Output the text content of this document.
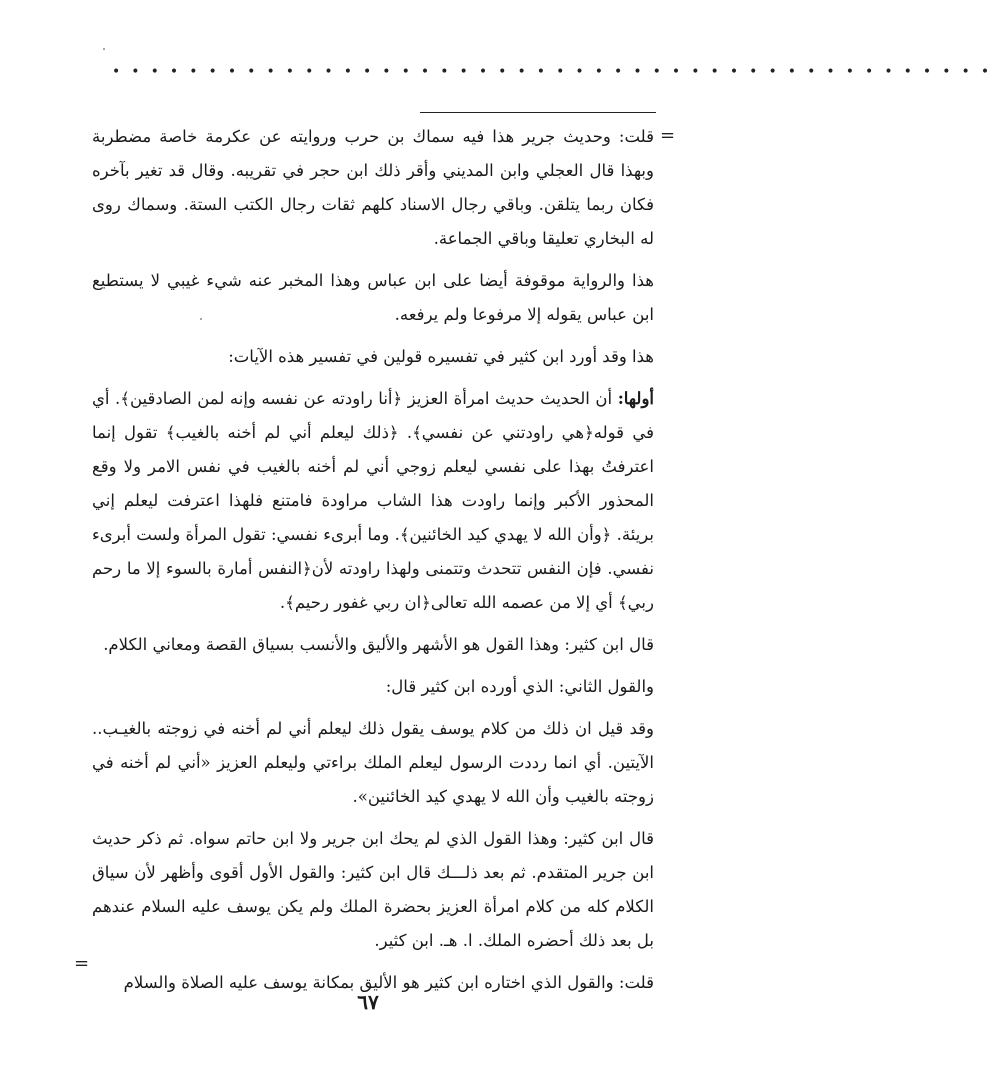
• • • • • • • • • • • • • • • • • • • • • • • • • • • • • • • • • • • • • • • • • • • • • •
=

قلت: وحديث جرير هذا فيه سماك بن حرب وروايته عن عكرمة خاصة مضطربة وبهذا قال العجلي وابن المديني وأقر ذلك ابن حجر في تقريبه. وقال قد تغير بآخره فكان ربما يتلقن. وباقي رجال الاسناد كلهم ثقات رجال الكتب الستة. وسماك روى له البخاري تعليقا وباقي الجماعة.

هذا والرواية موقوفة أيضا على ابن عباس وهذا المخبر عنه شيء غيبي لا يستطيع ابن عباس يقوله إلا مرفوعا ولم يرفعه.

هذا وقد أورد ابن كثير في تفسيره قولين في تفسير هذه الآيات:

أولها: أن الحديث حديث امرأة العزيز ﴿أنا راودته عن نفسه وإنه لمن الصادقين﴾. أي في قوله﴿هي راودتني عن نفسي﴾. ﴿ذلك ليعلم أني لم أخنه بالغيب﴾ تقول إنما اعترفتُ بهذا على نفسي ليعلم زوجي أني لم أخنه بالغيب في نفس الامر ولا وقع المحذور الأكبر وإنما راودت هذا الشاب مراودة فامتنع فلهذا اعترفت ليعلم إني بريئة. ﴿وأن الله لا يهدي كيد الخائنين﴾. وما أبرىء نفسي: تقول المرأة ولست أبرىء نفسي. فإن النفس تتحدث وتتمنى ولهذا راودته لأن﴿النفس أمارة بالسوء إلا ما رحم ربي﴾ أي إلا من عصمه الله تعالى﴿ان ربي غفور رحيم﴾.

قال ابن كثير: وهذا القول هو الأشهر والأليق والأنسب بسياق القصة ومعاني الكلام.

والقول الثاني: الذي أورده ابن كثير قال:

وقد قيل ان ذلك من كلام يوسف يقول ذلك ليعلم أني لم أخنه في زوجته بالغيـب.. الآيتين. أي انما رددت الرسول ليعلم الملك براءتي وليعلم العزيز «أني لم أخنه في زوجته بالغيب وأن الله لا يهدي كيد الخائنين».

قال ابن كثير: وهذا القول الذي لم يحك ابن جرير ولا ابن حاتم سواه. ثم ذكر حديث ابن جرير المتقدم. ثم بعد ذلـــك قال ابن كثير: والقول الأول أقوى وأظهر لأن سياق الكلام كله من كلام امرأة العزيز بحضرة الملك ولم يكن يوسف عليه السلام عندهم بل بعد ذلك أحضره الملك. ا. هـ. ابن كثير.

قلت: والقول الذي اختاره ابن كثير هو الأليق بمكانة يوسف عليه الصلاة والسلام

=
٦٧
